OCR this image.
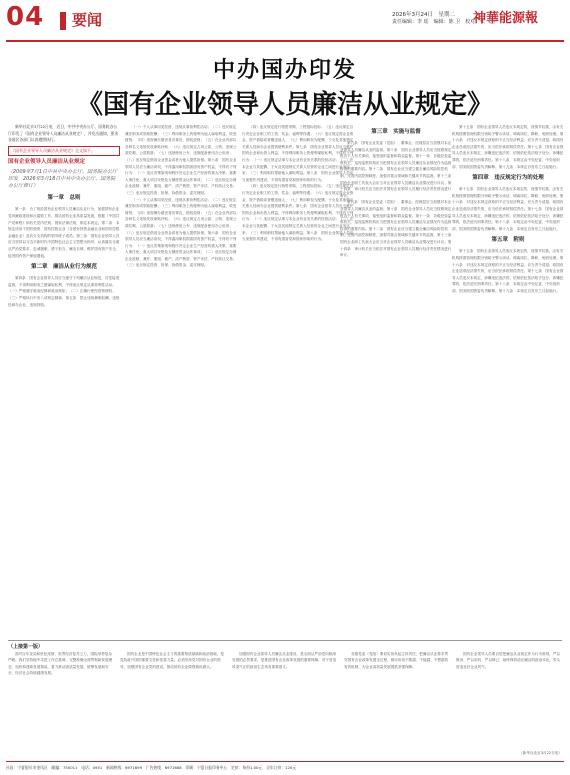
04 要闻	2026年3月24日　星期二
责任编辑：李 瑶　编辑：陈 卫　校对：张 文宇
神華能源報
中办国办印发
《国有企业领导人员廉洁从业规定》
新华社北京3月22日电　近日，中共中央办公厅、国务院办公厅印发了《国有企业领导人员廉洁从业规定》，并发出通知，要求各地区各部门认真遵照执行。
《国有企业领导人员廉洁从业规定》全文如下。
国有企业领导人员廉洁从业规定
（2009年7月1日中共中央办公厅、国务院办公厅印发　2026年3月18日中共中央办公厅、国务院办公厅修订）
第一章　总则
第一条　为了规范国有企业领导人员廉洁从业行为，加强国有企业党风廉政建设和反腐败工作，推动国有企业高质量发展，根据《中国共产党章程》和有关党内法规、国家法律法规，制定本规定。第二条　本规定适用于国有独资、国有控股企业（含国有独资金融企业和国有控股金融企业）及其分支机构的领导班子成员。第三条　国有企业领导人员应当坚持以习近平新时代中国特色社会主义思想为指导，认真落实全面从严治党要求，忠诚履职、勇于担当、廉洁自律，维护国有资产安全，促进国有资产保值增值。
第二章　廉洁从业行为规范
第四条　国有企业领导人员应当遵守下列廉洁从业规范，自觉接受监督，不得利用职务之便谋取私利，不得违反规定从事营利性活动。（一）严格遵守政治纪律和政治规矩；（二）正确行使经营管理权；（三）严格执行中央八项规定精神。第五条　禁止违规兼职取酬、违规经商办企业、违规持股。
（一）个人从事同类经营、违规从事营利性活动；（二）违反规定兼任职务或领取报酬；（三）利用职务上的便利为他人谋取利益，收受财物；（四）违规操办婚丧喜庆事宜，借机敛财；（五）在企业内部以各种名义违规发放津贴补贴；（六）违反规定占用公款、公物，违规公款吃喝、公款旅游；（七）违规使用公车，违规配备使用办公用房；（八）违反规定借用企业资金或者为他人提供担保。第六条　国有企业领导人员应当廉洁用权，不得滥用职权损害国有资产权益，不得有下列行为：（一）违反决策原则和程序决定企业生产经营的重大决策、重要人事任免、重大项目安排及大额度资金运作事项；（二）违反规定办理企业改制、兼并、重组、破产、清产核资、资产评估、产权转让交易；（三）违反规定投资、担保、拆借资金、委托理财。
（一）个人从事同类经营、违规从事营利性活动；（二）违反规定兼任职务或领取报酬；（三）利用职务上的便利为他人谋取利益，收受财物；（四）违规操办婚丧喜庆事宜，借机敛财；（五）在企业内部以各种名义违规发放津贴补贴；（六）违反规定占用公款、公物，违规公款吃喝、公款旅游；（七）违规使用公车，违规配备使用办公用房；（八）违反规定借用企业资金或者为他人提供担保。第六条　国有企业领导人员应当廉洁用权，不得滥用职权损害国有资产权益，不得有下列行为：（一）违反决策原则和程序决定企业生产经营的重大决策、重要人事任免、重大项目安排及大额度资金运作事项；（二）违反规定办理企业改制、兼并、重组、破产、清产核资、资产评估、产权转让交易；（三）违反规定投资、担保、拆借资金、委托理财。
（四）违反规定进行物资采购、工程招标投标；（五）违反规定自行决定企业职工的工资、奖金、福利等待遇；（六）违反规定将企业资金、资产借给或者赠送他人；（七）利用职权为配偶、子女及其他特定关系人经商办企业提供便利条件。第七条　国有企业领导人员应当维护国有企业和出资人利益，不得利用职务上的便利谋取私利，不得有下列行为：（一）违反规定从事与本企业有业务关系的经营活动；（二）在本企业与其配偶、子女及其他特定关系人经营的企业之间进行业务往来；（三）利用职权帮助他人谋取利益。第八条　国有企业领导人员应当加强作风建设，不得有损害党和国家形象的行为。
（四）违反规定进行物资采购、工程招标投标；（五）违反规定自行决定企业职工的工资、奖金、福利等待遇；（六）违反规定将企业资金、资产借给或者赠送他人；（七）利用职权为配偶、子女及其他特定关系人经商办企业提供便利条件。第七条　国有企业领导人员应当维护国有企业和出资人利益，不得利用职务上的便利谋取私利，不得有下列行为：（一）违反规定从事与本企业有业务关系的经营活动；（二）在本企业与其配偶、子女及其他特定关系人经营的企业之间进行业务往来；（三）利用职权帮助他人谋取利益。第八条　国有企业领导人员应当加强作风建设，不得有损害党和国家形象的行为。
第三章　实施与监督
第九条　国有企业党委（党组）、董事会、经理层应当加强对本企业领导人员廉洁从业的监督。第十条　国有企业领导人员应当按照规定报告个人有关事项，接受组织监督和群众监督。第十一条　各级纪检监察机关、巡视巡察机构应当把国有企业领导人员廉洁从业情况作为监督检查的重要内容。第十二条　国有企业应当建立健全廉洁风险防控机制，完善内部控制制度，加强对重点领域和关键环节的监督。第十三条　国有企业职工代表大会应当对企业领导人员廉洁从业情况进行评议。第十四条　审计机关应当依法对国有企业领导人员履行经济责任情况进行审计。
第九条　国有企业党委（党组）、董事会、经理层应当加强对本企业领导人员廉洁从业的监督。第十条　国有企业领导人员应当按照规定报告个人有关事项，接受组织监督和群众监督。第十一条　各级纪检监察机关、巡视巡察机构应当把国有企业领导人员廉洁从业情况作为监督检查的重要内容。第十二条　国有企业应当建立健全廉洁风险防控机制，完善内部控制制度，加强对重点领域和关键环节的监督。第十三条　国有企业职工代表大会应当对企业领导人员廉洁从业情况进行评议。第十四条　审计机关应当依法对国有企业领导人员履行经济责任情况进行审计。
第十五条　国有企业领导人员违反本规定的，视情节轻重，由有关机构按照管理权限分别给予警示谈话、调离岗位、降职、免职处理。第十六条　对违反本规定获取的不正当经济利益，应当责令清退；给国有企业造成经济损失的，应当依法承担赔偿责任。第十七条　国有企业领导人员违反本规定，涉嫌违纪违法的，依规依纪依法给予处分；涉嫌犯罪的，依法追究刑事责任。第十八条　本规定由中央纪委、中央组织部、国务院国资委负责解释。第十九条　本规定自发布之日起施行。
第四章　违反规定行为的处理
第十五条　国有企业领导人员违反本规定的，视情节轻重，由有关机构按照管理权限分别给予警示谈话、调离岗位、降职、免职处理。第十六条　对违反本规定获取的不正当经济利益，应当责令清退；给国有企业造成经济损失的，应当依法承担赔偿责任。第十七条　国有企业领导人员违反本规定，涉嫌违纪违法的，依规依纪依法给予处分；涉嫌犯罪的，依法追究刑事责任。第十八条　本规定由中央纪委、中央组织部、国务院国资委负责解释。第十九条　本规定自发布之日起施行。
第五章　附则
第十五条　国有企业领导人员违反本规定的，视情节轻重，由有关机构按照管理权限分别给予警示谈话、调离岗位、降职、免职处理。第十六条　对违反本规定获取的不正当经济利益，应当责令清退；给国有企业造成经济损失的，应当依法承担赔偿责任。第十七条　国有企业领导人员违反本规定，涉嫌违纪违法的，依规依纪依法给予处分；涉嫌犯罪的，依法追究刑事责任。第十八条　本规定由中央纪委、中央组织部、国务院国资委负责解释。第十九条　本规定自发布之日起施行。
（上接第一版）
面对百年变局和世纪疫情，世界经济复苏乏力，国际形势复杂严峻。我们坚持稳中求进工作总基调，完整准确全面贯彻新发展理念，加快构建新发展格局，着力推动高质量发展，统筹发展和安全，经济社会持续健康发展。
国有企业是中国特色社会主义的重要物质基础和政治基础，是党执政兴国的重要支柱和依靠力量。必须坚持党对国有企业的领导，加强国有企业党的建设，推动国有企业做强做优做大。
加强国有企业领导人员廉洁从业建设，是全面从严治党向纵深发展的必然要求，是推进国有企业改革发展的重要保障，对于营造风清气正的政治生态具有重要意义。
各级党委（党组）要切实担负起主体责任，把廉洁从业要求贯穿国有企业改革发展全过程，推动形成不敢腐、不能腐、不想腐的有效机制，为企业高质量发展提供坚强保障。
国有企业领导人员要自觉把廉洁从业规定作为行为准则，严以修身、严以用权、严以律己，始终保持清正廉洁的政治本色，带头营造良好企业风气。
（新华社北京3月22日电）
社址：宁夏银川市金凤区　邮编：750011　电话：0951　新闻热线：6971699　广告热线：6971688　印刷：宁夏日报印务中心　定价：每份1.00元　全年订价：120元
